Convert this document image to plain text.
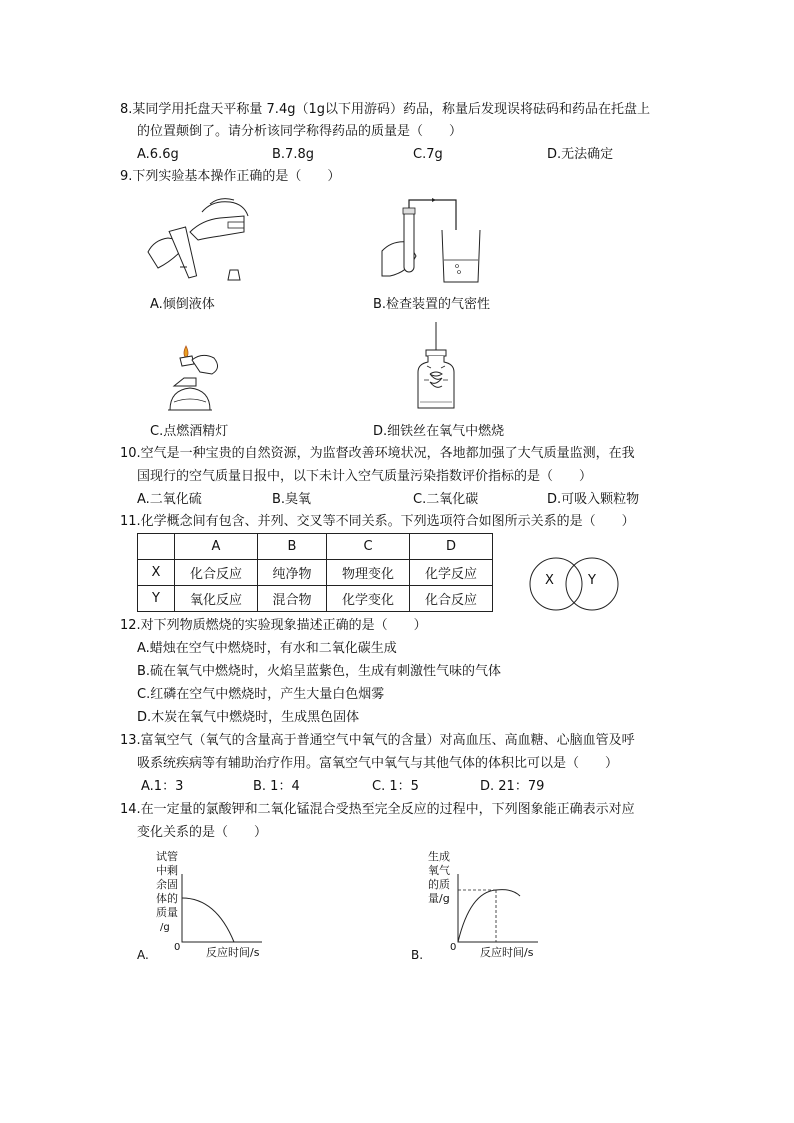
8.某同学用托盘天平称量 7.4g（1g以下用游码）药品，称量后发现误将砝码和药品在托盘上
的位置颠倒了。请分析该同学称得药品的质量是（　　）
A.6.6g	B.7.8g	C.7g	D.无法确定
9.下列实验基本操作正确的是（　　）
A.倾倒液体	B.检查装置的气密性
C.点燃酒精灯	D.细铁丝在氧气中燃烧
10.空气是一种宝贵的自然资源，为监督改善环境状况，各地都加强了大气质量监测，在我
国现行的空气质量日报中，以下未计入空气质量污染指数评价指标的是（　　）
A.二氧化硫	B.臭氧	C.二氧化碳	D.可吸入颗粒物
11.化学概念间有包含、并列、交叉等不同关系。下列选项符合如图所示关系的是（　　）
	A	B	C	D
X	化合反应	纯净物	物理变化	化学反应
Y	氧化反应	混合物	化学变化	化合反应
X	Y
12.对下列物质燃烧的实验现象描述正确的是（　　）
A.蜡烛在空气中燃烧时，有水和二氧化碳生成
B.硫在氧气中燃烧时，火焰呈蓝紫色，生成有刺激性气味的气体
C.红磷在空气中燃烧时，产生大量白色烟雾
D.木炭在氧气中燃烧时，生成黑色固体
13.富氧空气（氧气的含量高于普通空气中氧气的含量）对高血压、高血糖、心脑血管及呼
吸系统疾病等有辅助治疗作用。富氧空气中氧气与其他气体的体积比可以是（　　）
A.1：3	B. 1：4	C. 1：5	D. 21：79
14.在一定量的氯酸钾和二氧化锰混合受热至完全反应的过程中，下列图象能正确表示对应
变化关系的是（　　）
A.
试管
中剩
余固
体的
质量
/g
0 反应时间/s	B.
生成
氧气
的质
量/g
0 反应时间/s
